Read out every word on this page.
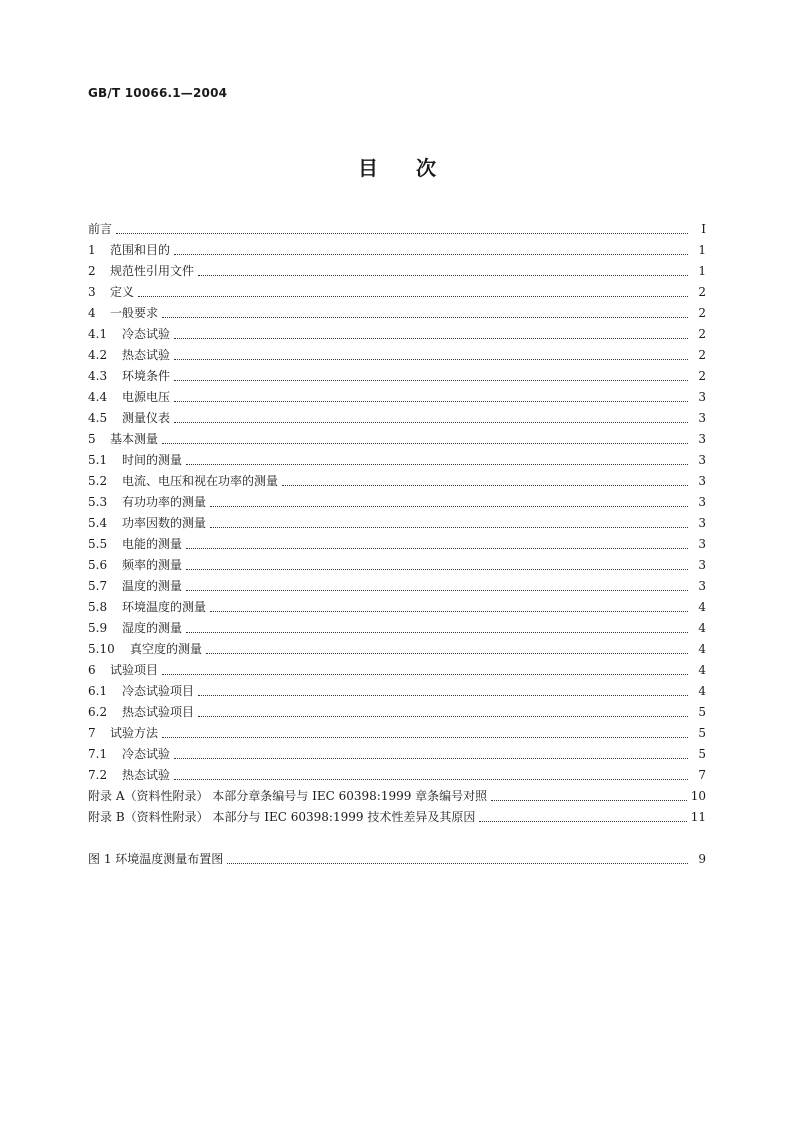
GB/T 10066.1—2004
目次
前言	Ⅰ
1	范围和目的	1
2	规范性引用文件	1
3	定义	2
4	一般要求	2
4.1	冷态试验	2
4.2	热态试验	2
4.3	环境条件	2
4.4	电源电压	3
4.5	测量仪表	3
5	基本测量	3
5.1	时间的测量	3
5.2	电流、电压和视在功率的测量	3
5.3	有功功率的测量	3
5.4	功率因数的测量	3
5.5	电能的测量	3
5.6	频率的测量	3
5.7	温度的测量	3
5.8	环境温度的测量	4
5.9	湿度的测量	4
5.10	真空度的测量	4
6	试验项目	4
6.1	冷态试验项目	4
6.2	热态试验项目	5
7	试验方法	5
7.1	冷态试验	5
7.2	热态试验	7
附录 A（资料性附录） 本部分章条编号与 IEC 60398:1999 章条编号对照	10
附录 B（资料性附录） 本部分与 IEC 60398:1999 技术性差异及其原因	11
图 1 环境温度测量布置图	9
